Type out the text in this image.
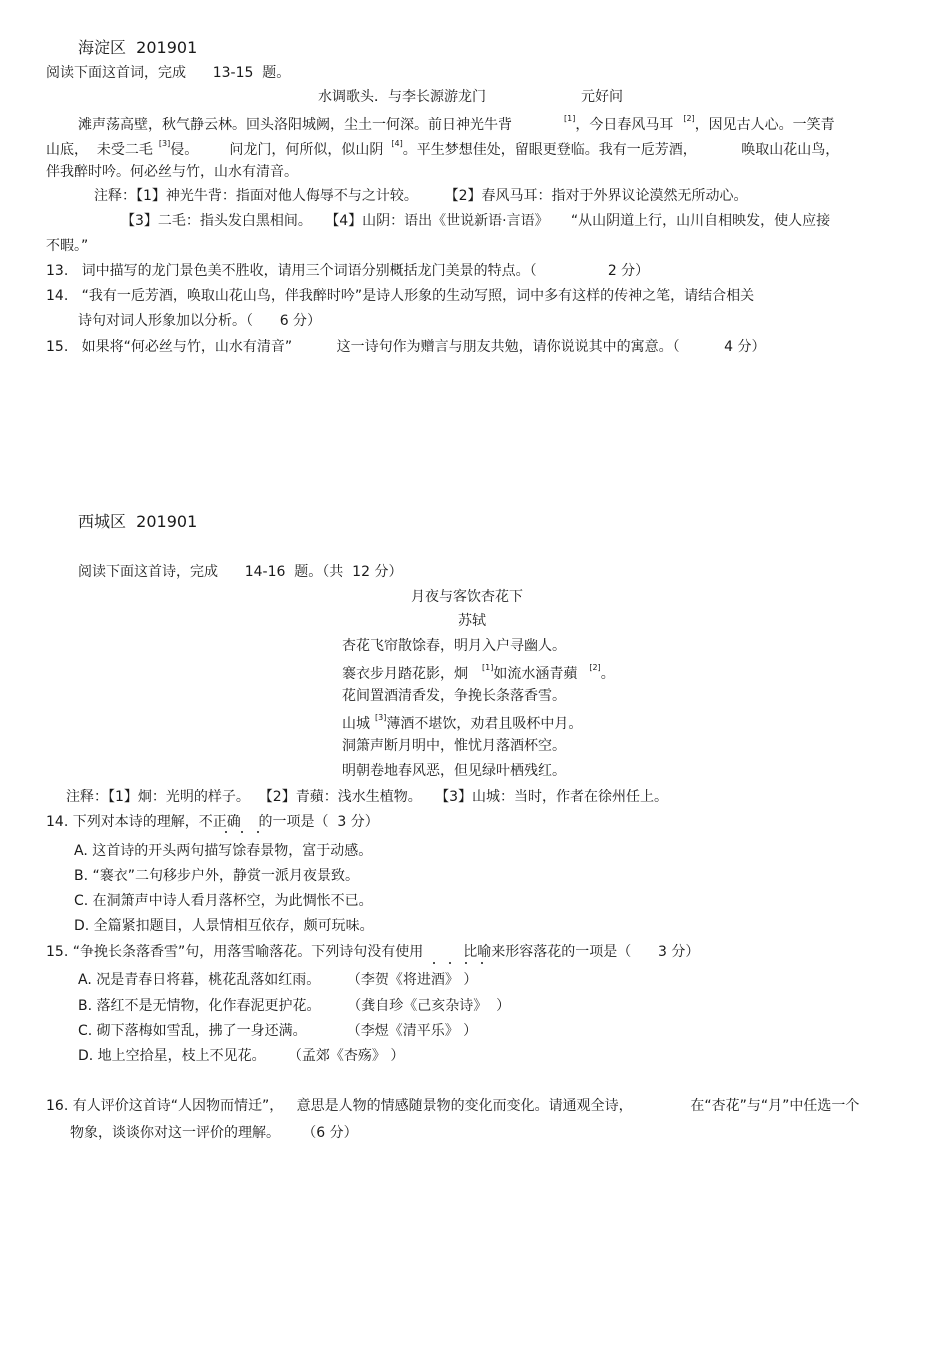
海淀区  201901
阅读下面这首词，完成      13-15  题。
水调歌头．与李长源游龙门	元好问
滩声荡高壁，秋气静云林。回头洛阳城阙，尘土一何深。前日神光牛背	[1]，今日春风马耳 [2]，因见古人心。一笑青
山底，  未受二毛 [3]侵。       问龙门，何所似，似山阴 [4]。平生梦想佳处，留眼更登临。我有一卮芳酒，          唤取山花山鸟，
伴我醉时吟。何必丝与竹，山水有清音。
注释：【1】神光牛背：指面对他人侮辱不与之计较。      【2】春风马耳：指对于外界议论漠然无所动心。
【3】二毛：指头发白黑相间。   【4】山阴：语出《世说新语·言语》     “从山阴道上行，山川自相映发，使人应接
不暇。”
13.   词中描写的龙门景色美不胜收，请用三个词语分别概括龙门美景的特点。（                2 分）
14.   “我有一卮芳酒，唤取山花山鸟，伴我醉时吟”是诗人形象的生动写照，词中多有这样的传神之笔，请结合相关
诗句对词人形象加以分析。（      6 分）
15.   如果将“何必丝与竹，山水有清音”          这一诗句作为赠言与朋友共勉，请你说说其中的寓意。（          4 分）
西城区  201901
阅读下面这首诗，完成      14-16  题。（共  12 分）
月夜与客饮杏花下
苏轼
杏花飞帘散馀春，明月入户寻幽人。
褰衣步月踏花影，炯 [1]如流水涵青蘋 [2]。
花间置酒清香发，争挽长条落香雪。
山城 [3]薄酒不堪饮，劝君且吸杯中月。
洞箫声断月明中，惟忧月落酒杯空。
明朝卷地春风恶，但见绿叶栖残红。
注释：【1】炯：光明的样子。  【2】青蘋：浅水生植物。   【3】山城：当时，作者在徐州任上。
14. 下列对本诗的理解，不正确    的一项是（  3 分）
A. 这首诗的开头两句描写馀春景物，富于动感。
B. “褰衣”二句移步户外，静赏一派月夜景致。
C. 在洞箫声中诗人看月落杯空，为此惆怅不已。
D. 全篇紧扣题目，人景情相互依存，颇可玩味。
15. “争挽长条落香雪”句，用落雪喻落花。下列诗句没有使用         比喻来形容落花的一项是（      3 分）
A. 况是青春日将暮，桃花乱落如红雨。      （李贺《将进酒》 ）
B. 落红不是无情物，化作春泥更护花。      （龚自珍《己亥杂诗》  ）
C. 砌下落梅如雪乱，拂了一身还满。         （李煜《清平乐》 ）
D. 地上空拾星，枝上不见花。     （孟郊《杏殇》 ）
16. 有人评价这首诗“人因物而情迁”，   意思是人物的情感随景物的变化而变化。请通观全诗，             在“杏花”与“月”中任选一个
物象，谈谈你对这一评价的理解。     （6 分）
